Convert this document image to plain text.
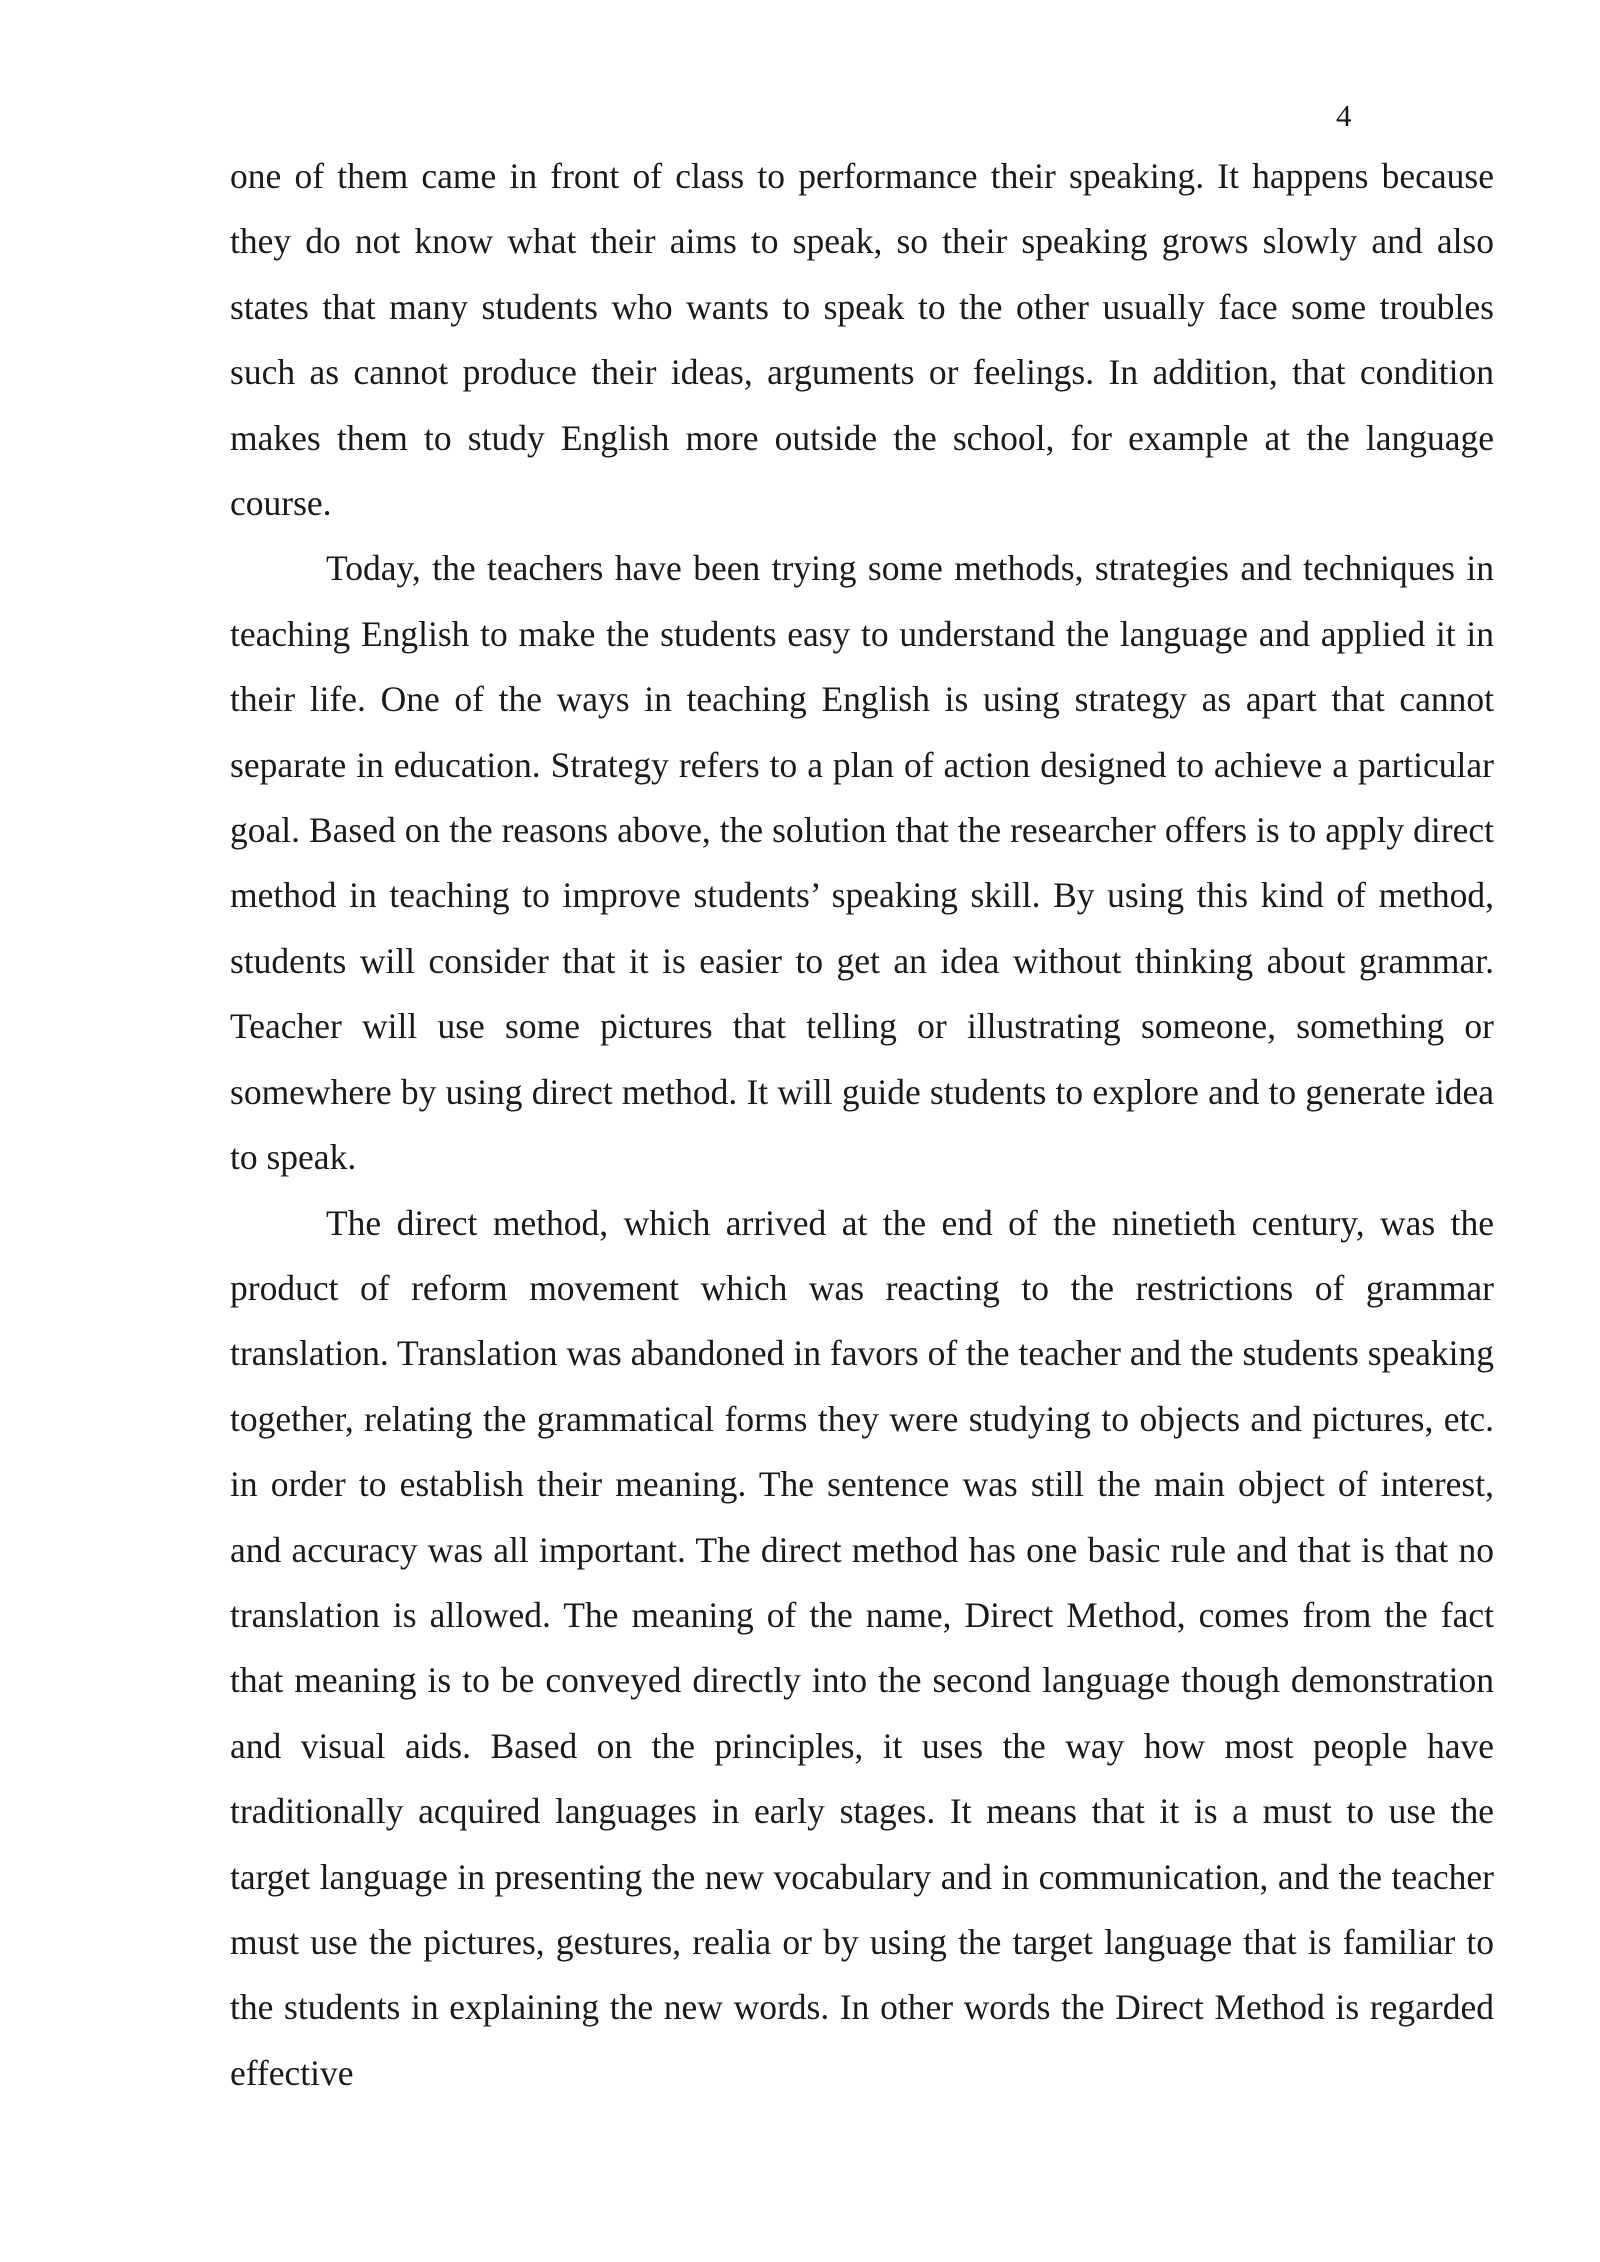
4

one of them came in front of class to performance their speaking. It happens because they do not know what their aims to speak, so their speaking grows slowly and also states that many students who wants to speak to the other usually face some troubles such as cannot produce their ideas, arguments or feelings. In addition, that condition makes them to study English more outside the school, for example at the language course.

Today, the teachers have been trying some methods, strategies and techniques in teaching English to make the students easy to understand the language and applied it in their life. One of the ways in teaching English is using strategy as apart that cannot separate in education. Strategy refers to a plan of action designed to achieve a particular goal. Based on the reasons above, the solution that the researcher offers is to apply direct method in teaching to improve students’ speaking skill. By using this kind of method, students will consider that it is easier to get an idea without thinking about grammar. Teacher will use some pictures that telling or illustrating someone, something or somewhere by using direct method. It will guide students to explore and to generate idea to speak.

The direct method, which arrived at the end of the ninetieth century, was the product of reform movement which was reacting to the restrictions of grammar translation. Translation was abandoned in favors of the teacher and the students speaking together, relating the grammatical forms they were studying to objects and pictures, etc. in order to establish their meaning. The sentence was still the main object of interest, and accuracy was all important. The direct method has one basic rule and that is that no translation is allowed. The meaning of the name, Direct Method, comes from the fact that meaning is to be conveyed directly into the second language though demonstration and visual aids. Based on the principles, it uses the way how most people have traditionally acquired languages in early stages. It means that it is a must to use the target language in presenting the new vocabulary and in communication, and the teacher must use the pictures, gestures, realia or by using the target language that is familiar to the students in explaining the new words. In other words the Direct Method is regarded effective
